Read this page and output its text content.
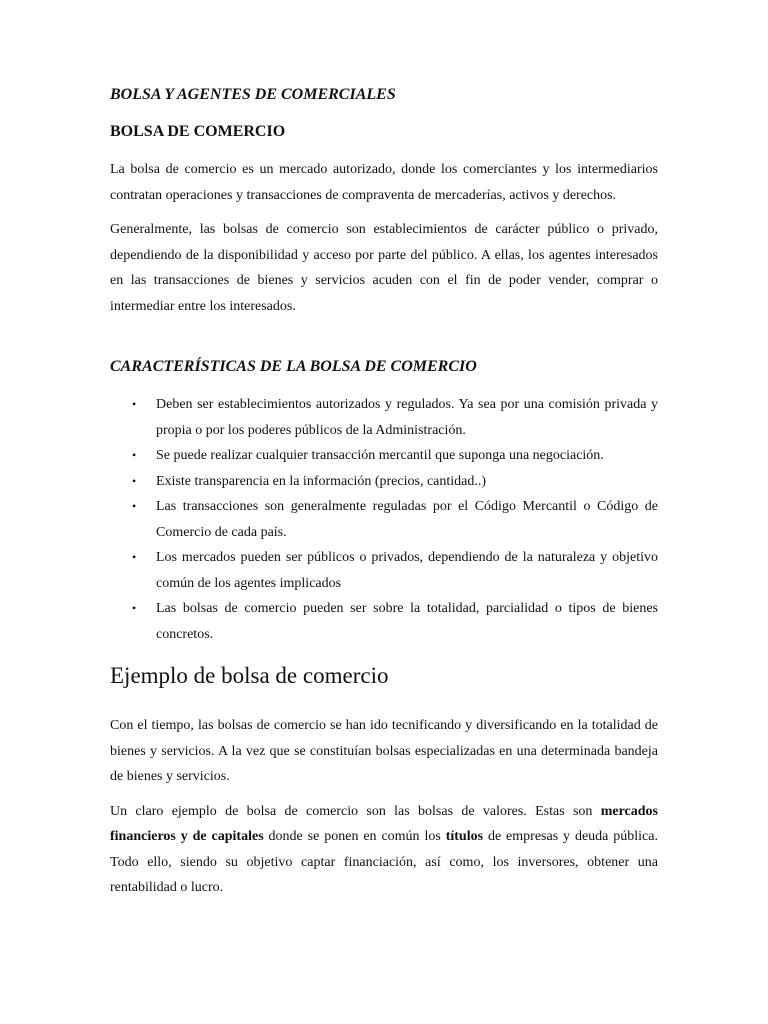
BOLSA Y AGENTES DE COMERCIALES
BOLSA DE COMERCIO

La bolsa de comercio es un mercado autorizado, donde los comerciantes y los intermediarios contratan operaciones y transacciones de compraventa de mercaderías, activos y derechos.

Generalmente, las bolsas de comercio son establecimientos de carácter público o privado, dependiendo de la disponibilidad y acceso por parte del público. A ellas, los agentes interesados en las transacciones de bienes y servicios acuden con el fin de poder vender, comprar o intermediar entre los interesados.

CARACTERÍSTICAS DE LA BOLSA DE COMERCIO
• Deben ser establecimientos autorizados y regulados. Ya sea por una comisión privada y propia o por los poderes públicos de la Administración.
• Se puede realizar cualquier transacción mercantil que suponga una negociación.
• Existe transparencia en la información (precios, cantidad..)
• Las transacciones son generalmente reguladas por el Código Mercantil o Código de Comercio de cada país.
• Los mercados pueden ser públicos o privados, dependiendo de la naturaleza y objetivo común de los agentes implicados
• Las bolsas de comercio pueden ser sobre la totalidad, parcialidad o tipos de bienes concretos.
Ejemplo de bolsa de comercio

Con el tiempo, las bolsas de comercio se han ido tecnificando y diversificando en la totalidad de bienes y servicios. A la vez que se constituían bolsas especializadas en una determinada bandeja de bienes y servicios.

Un claro ejemplo de bolsa de comercio son las bolsas de valores. Estas son mercados financieros y de capitales donde se ponen en común los títulos de empresas y deuda pública. Todo ello, siendo su objetivo captar financiación, así como, los inversores, obtener una rentabilidad o lucro.
